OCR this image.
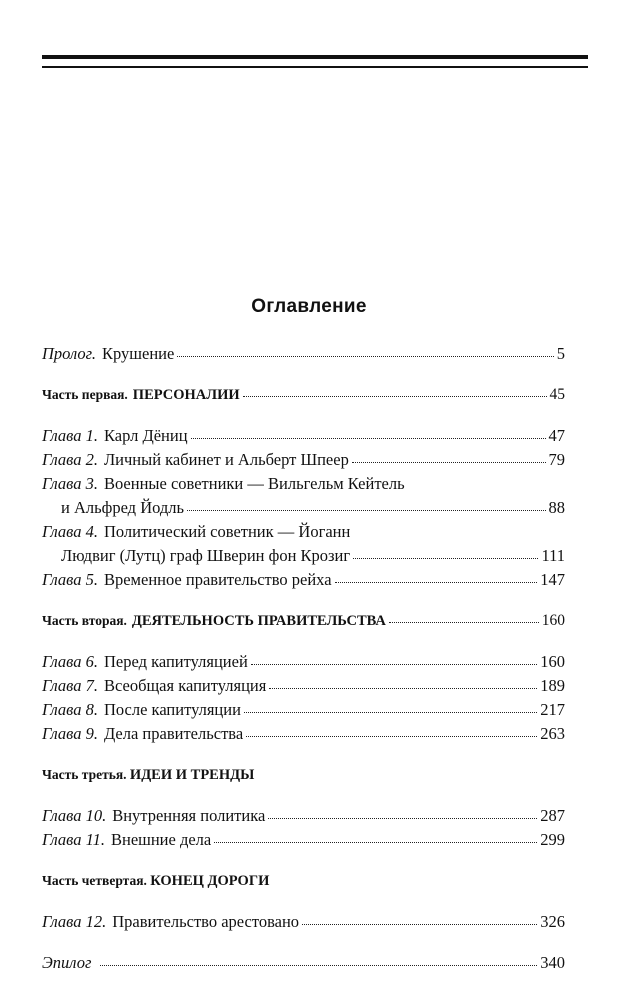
Оглавление
Пролог. Крушение	5
Часть первая. ПЕРСОНАЛИИ	45
Глава 1. Карл Дёниц	47
Глава 2. Личный кабинет и Альберт Шпеер	79
Глава 3. Военные советники — Вильгельм Кейтель
и Альфред Йодль	88
Глава 4. Политический советник — Йоганн
Людвиг (Лутц) граф Шверин фон Крозиг	111
Глава 5. Временное правительство рейха	147
Часть вторая. ДЕЯТЕЛЬНОСТЬ ПРАВИТЕЛЬСТВА	160
Глава 6. Перед капитуляцией	160
Глава 7. Всеобщая капитуляция	189
Глава 8. После капитуляции	217
Глава 9. Дела правительства	263
Часть третья. ИДЕИ И ТРЕНДЫ
Глава 10. Внутренняя политика	287
Глава 11. Внешние дела	299
Часть четвертая. КОНЕЦ ДОРОГИ
Глава 12. Правительство арестовано	326
Эпилог	340
